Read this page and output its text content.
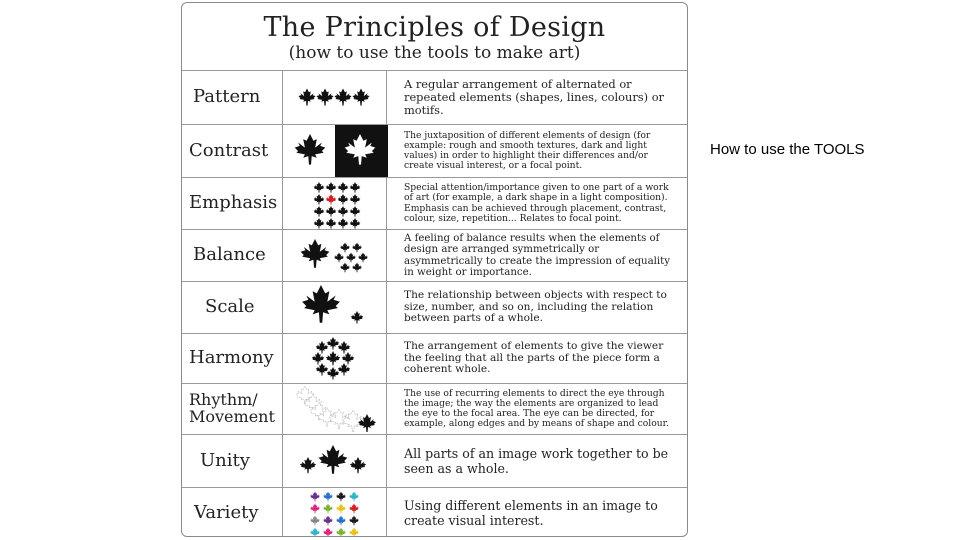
The Principles of Design
(how to use the tools to make art)
Pattern
A regular arrangement of alternated or repeated elements (shapes, lines, colours) or motifs.
Contrast
The juxtaposition of different elements of design (for example: rough and smooth textures, dark and light values) in order to highlight their differences and/or create visual interest, or a focal point.
Emphasis
Special attention/importance given to one part of a work of art (for example, a dark shape in a light composition). Emphasis can be achieved through placement, contrast, colour, size, repetition... Relates to focal point.
Balance
A feeling of balance results when the elements of design are arranged symmetrically or asymmetrically to create the impression of equality in weight or importance.
Scale
The relationship between objects with respect to size, number, and so on, including the relation between parts of a whole.
Harmony
The arrangement of elements to give the viewer the feeling that all the parts of the piece form a coherent whole.
Rhythm/
Movement
The use of recurring elements to direct the eye through the image; the way the elements are organized to lead the eye to the focal area. The eye can be directed, for example, along edges and by means of shape and colour.
Unity	All parts of an image work together to be seen as a whole.
Variety	Using different elements in an image to create visual interest.
How to use the TOOLS
